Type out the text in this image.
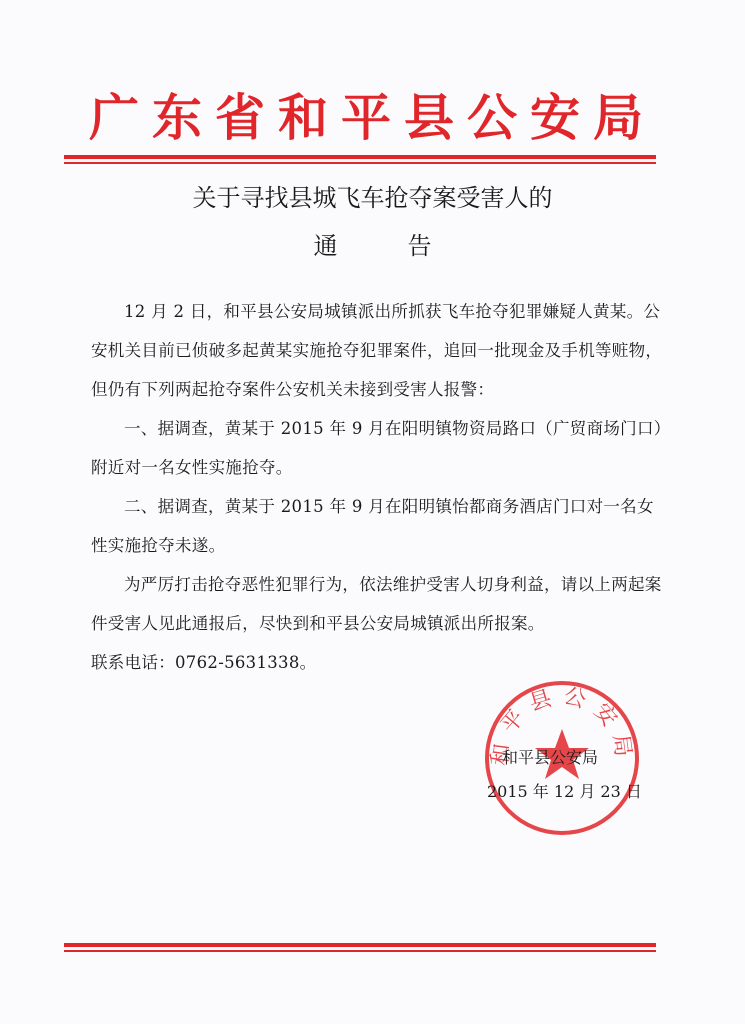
广东省和平县公安局
关于寻找县城飞车抢夺案受害人的
通告

12 月 2 日，和平县公安局城镇派出所抓获飞车抢夺犯罪嫌疑人黄某。公安机关目前已侦破多起黄某实施抢夺犯罪案件，追回一批现金及手机等赃物，但仍有下列两起抢夺案件公安机关未接到受害人报警：

一、据调查，黄某于 2015 年 9 月在阳明镇物资局路口（广贸商场门口）附近对一名女性实施抢夺。

二、据调查，黄某于 2015 年 9 月在阳明镇怡都商务酒店门口对一名女性实施抢夺未遂。

为严厉打击抢夺恶性犯罪行为，依法维护受害人切身利益，请以上两起案件受害人见此通报后，尽快到和平县公安局城镇派出所报案。

联系电话：0762-5631338。

和平县公安局
和平县公安局
2015 年 12 月 23 日
